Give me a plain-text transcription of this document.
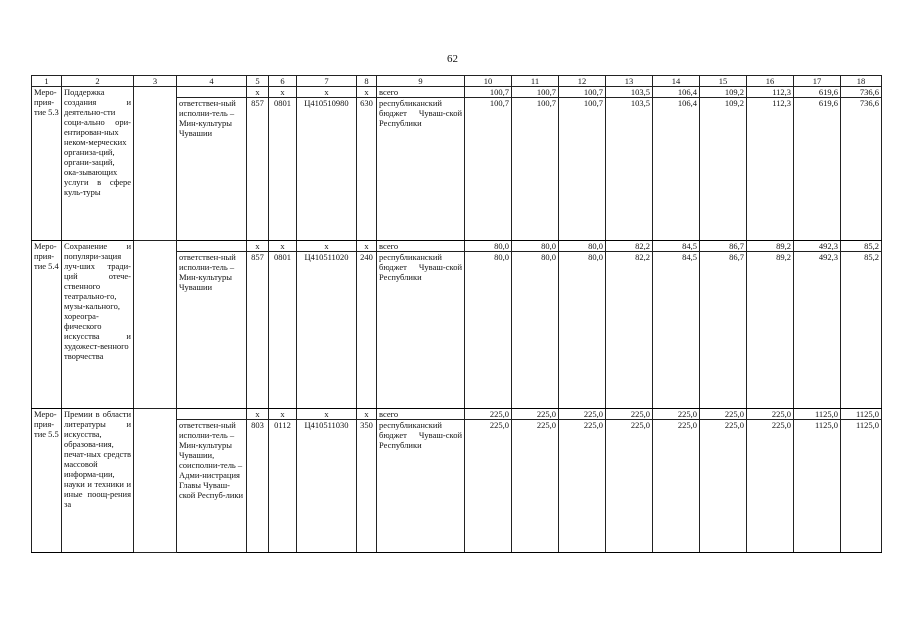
62
1	2	3	4	5	6	7	8	9	10	11	12	13	14	15	16	17	18
Меро-
прия-
тие 5.3	Поддержка создания и деятельно-сти соци-ально ори-ентирован-ных неком-мерческих организа-ций, органи-заций, ока-зывающих услуги в сфере куль-туры			x	x	x	x	всего	100,7	100,7	100,7	103,5	106,4	109,2	112,3	619,6	736,6
			ответствен-ный исполни-тель – Мин-культуры Чувашии	857	0801	Ц410510980	630	республиканский бюджет Чуваш-ской Республики	100,7	100,7	100,7	103,5	106,4	109,2	112,3	619,6	736,6
Меро-
прия-
тие 5.4	Сохранение и популяри-зация луч-ших тради-ций отече-ственного театрально-го, музы-кального, хореогра-фического искусства и художест-венного творчества			x	x	x	x	всего	80,0	80,0	80,0	82,2	84,5	86,7	89,2	492,3	85,2
			ответствен-ный исполни-тель – Мин-культуры Чувашии	857	0801	Ц410511020	240	республиканский бюджет Чуваш-ской Республики	80,0	80,0	80,0	82,2	84,5	86,7	89,2	492,3	85,2
Меро-
прия-
тие 5.5	Премии в области литературы и искусства, образова-ния, печат-ных средств массовой информа-ции, науки и техники и иные поощ-рения за			x	x	x	x	всего	225,0	225,0	225,0	225,0	225,0	225,0	225,0	1125,0	1125,0
			ответствен-ный исполни-тель – Мин-культуры Чувашии, соисполни-тель – Адми-нистрация Главы Чуваш-ской Респуб-лики	803	0112	Ц410511030	350	республиканский бюджет Чуваш-ской Республики	225,0	225,0	225,0	225,0	225,0	225,0	225,0	1125,0	1125,0
